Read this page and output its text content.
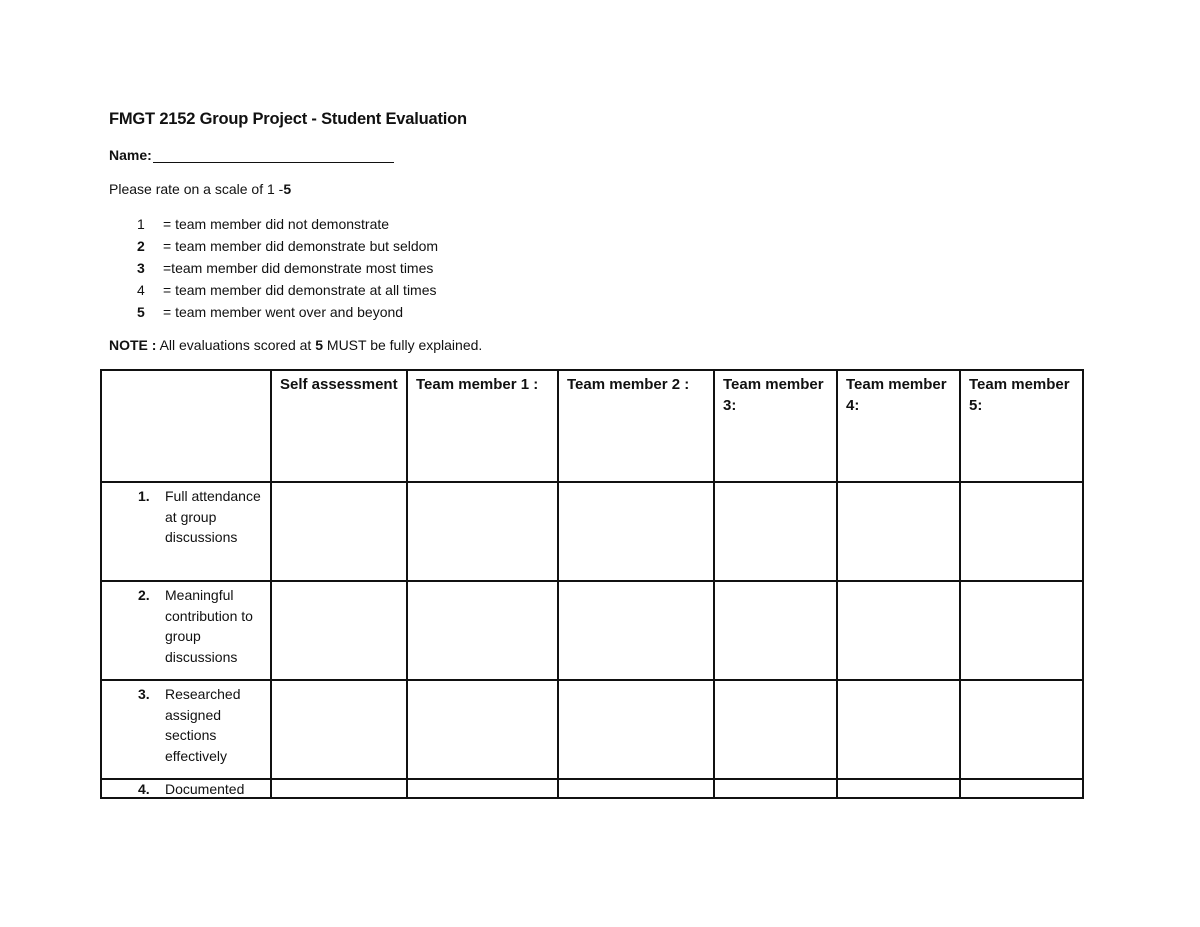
FMGT 2152 Group Project - Student Evaluation
Name:
Please rate on a scale of 1 -5
1 = team member did not demonstrate
2 = team member did demonstrate but seldom
3 =team member did demonstrate most times
4 = team member did demonstrate at all times
5 = team member went over and beyond
NOTE : All evaluations scored at 5 MUST be fully explained.
	Self assessment	Team member 1 :	Team member 2 :	Team member 3:	Team member 4:	Team member 5:

1. Full attendance at group discussions						

2. Meaningful contribution to group discussions						

3. Researched assigned sections effectively						

4. Documented						
